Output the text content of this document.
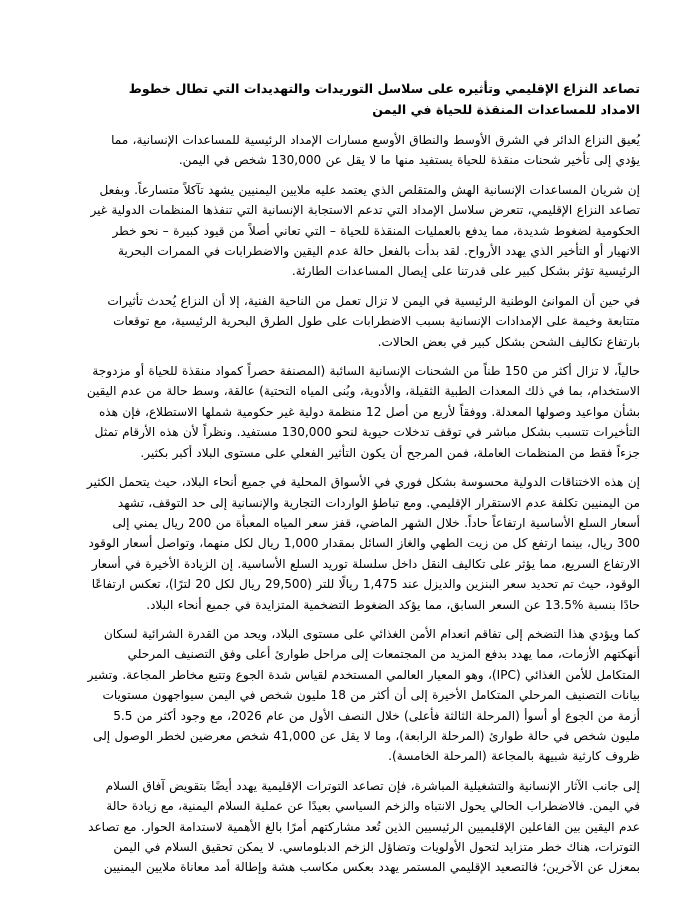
تصاعد النزاع الإقليمي وتأثيره على سلاسل التوريدات والتهديدات التي تطال خطوط الامداد للمساعدات المنقذة للحياة في اليمن

يُعيق النزاع الدائر في الشرق الأوسط والنطاق الأوسع مسارات الإمداد الرئيسية للمساعدات الإنسانية، مما يؤدي إلى تأخير شحنات منقذة للحياة يستفيد منها ما لا يقل عن 130,000 شخص في اليمن.

إن شريان المساعدات الإنسانية الهش والمتقلص الذي يعتمد عليه ملايين اليمنيين يشهد تآكلاً متسارعاً. وبفعل تصاعد النزاع الإقليمي، تتعرض سلاسل الإمداد التي تدعم الاستجابة الإنسانية التي تنفذها المنظمات الدولية غير الحكومية لضغوط شديدة، مما يدفع بالعمليات المنقذة للحياة – التي تعاني أصلاً من قيود كبيرة – نحو خطر الانهيار أو التأخير الذي يهدد الأرواح. لقد بدأت بالفعل حالة عدم اليقين والاضطرابات في الممرات البحرية الرئيسية تؤثر بشكل كبير على قدرتنا على إيصال المساعدات الطارئة.

في حين أن الموانئ الوطنية الرئيسية في اليمن لا تزال تعمل من الناحية الفنية، إلا أن النزاع يُحدث تأثيرات متتابعة وخيمة على الإمدادات الإنسانية بسبب الاضطرابات على طول الطرق البحرية الرئيسية، مع توقعات بارتفاع تكاليف الشحن بشكل كبير في بعض الحالات.

حالياً، لا تزال أكثر من 150 طناً من الشحنات الإنسانية السائبة (المصنفة حصراً كمواد منقذة للحياة أو مزدوجة الاستخدام، بما في ذلك المعدات الطبية الثقيلة، والأدوية، وبُنى المياه التحتية) عالقة، وسط حالة من عدم اليقين بشأن مواعيد وصولها المعدلة. ووفقاً لأربع من أصل 12 منظمة دولية غير حكومية شملها الاستطلاع، فإن هذه التأخيرات تتسبب بشكل مباشر في توقف تدخلات حيوية لنحو 130,000 مستفيد. ونظراً لأن هذه الأرقام تمثل جزءاً فقط من المنظمات العاملة، فمن المرجح أن يكون التأثير الفعلي على مستوى البلاد أكبر بكثير.

إن هذه الاختناقات الدولية محسوسة بشكل فوري في الأسواق المحلية في جميع أنحاء البلاد، حيث يتحمل الكثير من اليمنيين تكلفة عدم الاستقرار الإقليمي. ومع تباطؤ الواردات التجارية والإنسانية إلى حد التوقف، تشهد أسعار السلع الأساسية ارتفاعاً حاداً. خلال الشهر الماضي، قفز سعر المياه المعبأة من 200 ريال يمني إلى 300 ريال، بينما ارتفع كل من زيت الطهي والغاز السائل بمقدار 1,000 ريال لكل منهما، وتواصل أسعار الوقود الارتفاع السريع، مما يؤثر على تكاليف النقل داخل سلسلة توريد السلع الأساسية. إن الزيادة الأخيرة في أسعار الوقود، حيث تم تحديد سعر البنزين والديزل عند 1,475 ريالًا للتر (29,500 ريال لكل 20 لترًا)، تعكس ارتفاعًا حادًا بنسبة %13.5 عن السعر السابق، مما يؤكد الضغوط التضخمية المتزايدة في جميع أنحاء البلاد.

كما ويؤدي هذا التضخم إلى تفاقم انعدام الأمن الغذائي على مستوى البلاد، ويحد من القدرة الشرائية لسكان أنهكتهم الأزمات، مما يهدد بدفع المزيد من المجتمعات إلى مراحل طوارئ أعلى وفق التصنيف المرحلي المتكامل للأمن الغذائي (IPC)، وهو المعيار العالمي المستخدم لقياس شدة الجوع وتتبع مخاطر المجاعة. وتشير بيانات التصنيف المرحلي المتكامل الأخيرة إلى أن أكثر من 18 مليون شخص في اليمن سيواجهون مستويات أزمة من الجوع أو أسوأ (المرحلة الثالثة فأعلى) خلال النصف الأول من عام 2026، مع وجود أكثر من 5.5 مليون شخص في حالة طوارئ (المرحلة الرابعة)، وما لا يقل عن 41,000 شخص معرضين لخطر الوصول إلى ظروف كارثية شبيهة بالمجاعة (المرحلة الخامسة).

إلى جانب الآثار الإنسانية والتشغيلية المباشرة، فإن تصاعد التوترات الإقليمية يهدد أيضًا بتقويض آفاق السلام في اليمن. فالاضطراب الحالي يحول الانتباه والزخم السياسي بعيدًا عن عملية السلام اليمنية، مع زيادة حالة عدم اليقين بين الفاعلين الإقليميين الرئيسيين الذين تُعد مشاركتهم أمرًا بالغ الأهمية لاستدامة الحوار. مع تصاعد التوترات، هناك خطر متزايد لتحول الأولويات وتضاؤل الزخم الدبلوماسي. لا يمكن تحقيق السلام في اليمن بمعزل عن الآخرين؛ فالتصعيد الإقليمي المستمر يهدد بعكس مكاسب هشة وإطالة أمد معاناة ملايين اليمنيين
